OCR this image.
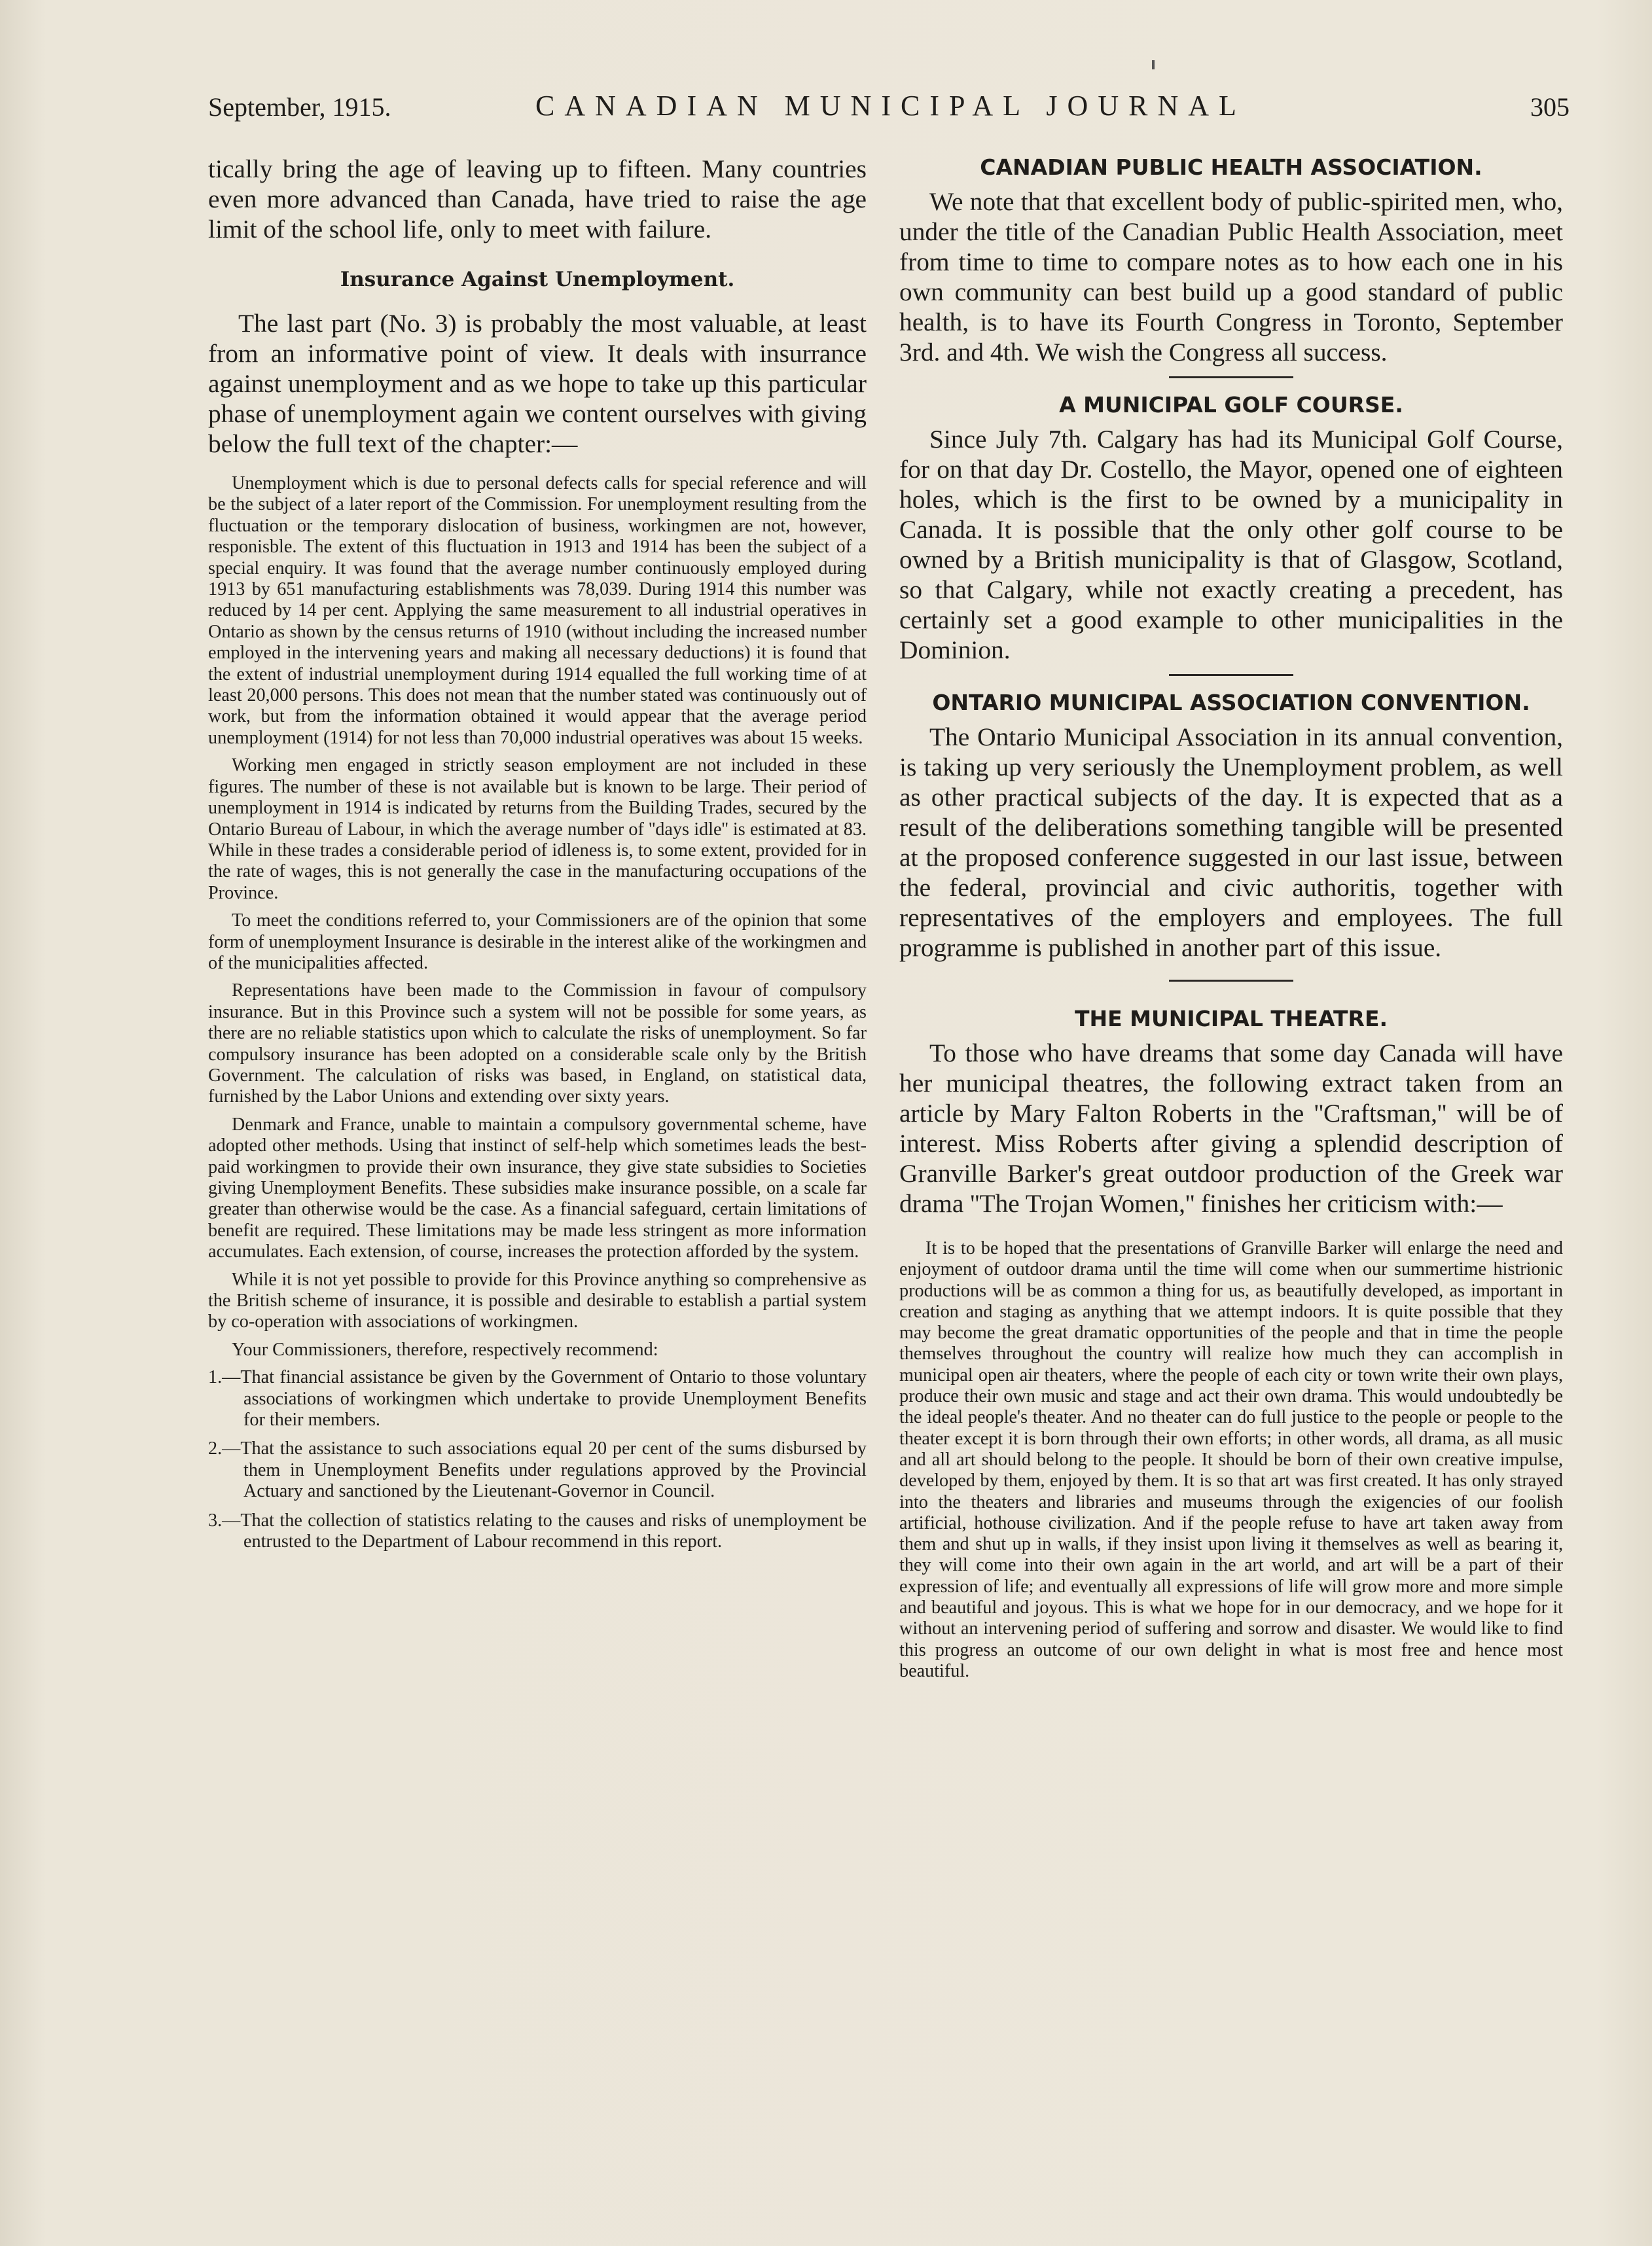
September, 1915.	CANADIAN MUNICIPAL JOURNAL	305

tically bring the age of leaving up to fifteen. Many countries even more advanced than Canada, have tried to raise the age limit of the school life, only to meet with failure.

Insurance Against Unemployment.

The last part (No. 3) is probably the most valuable, at least from an informative point of view. It deals with insurrance against unemployment and as we hope to take up this particular phase of unemployment again we content ourselves with giving below the full text of the chapter:—

Unemployment which is due to personal defects calls for special reference and will be the subject of a later report of the Commission. For unemployment resulting from the fluctuation or the temporary dislocation of business, workingmen are not, however, responisble. The extent of this fluctuation in 1913 and 1914 has been the subject of a special enquiry. It was found that the average number continuously employed during 1913 by 651 manufacturing establishments was 78,039. During 1914 this number was reduced by 14 per cent. Applying the same measurement to all industrial operatives in Ontario as shown by the census returns of 1910 (without including the increased number employed in the intervening years and making all necessary deductions) it is found that the extent of industrial unemployment during 1914 equalled the full working time of at least 20,000 persons. This does not mean that the number stated was continuously out of work, but from the information obtained it would appear that the average period unemployment (1914) for not less than 70,000 industrial operatives was about 15 weeks.

Working men engaged in strictly season employment are not included in these figures. The number of these is not available but is known to be large. Their period of unemployment in 1914 is indicated by returns from the Building Trades, secured by the Ontario Bureau of Labour, in which the average number of ''days idle'' is estimated at 83. While in these trades a considerable period of idleness is, to some extent, provided for in the rate of wages, this is not generally the case in the manufacturing occupations of the Province.

To meet the conditions referred to, your Commissioners are of the opinion that some form of unemployment Insurance is desirable in the interest alike of the workingmen and of the municipalities affected.

Representations have been made to the Commission in favour of compulsory insurance. But in this Province such a system will not be possible for some years, as there are no reliable statistics upon which to calculate the risks of unemployment. So far compulsory insurance has been adopted on a considerable scale only by the British Government. The calculation of risks was based, in England, on statistical data, furnished by the Labor Unions and extending over sixty years.

Denmark and France, unable to maintain a compulsory governmental scheme, have adopted other methods. Using that instinct of self-help which sometimes leads the best-paid workingmen to provide their own insurance, they give state subsidies to Societies giving Unemployment Benefits. These subsidies make insurance possible, on a scale far greater than otherwise would be the case. As a financial safeguard, certain limitations of benefit are required. These limitations may be made less stringent as more information accumulates. Each extension, of course, increases the protection afforded by the system.

While it is not yet possible to provide for this Province anything so comprehensive as the British scheme of insurance, it is possible and desirable to establish a partial system by co-operation with associations of workingmen.

Your Commissioners, therefore, respectively recommend:

1.—That financial assistance be given by the Government of Ontario to those voluntary associations of workingmen which undertake to provide Unemployment Benefits for their members.

2.—That the assistance to such associations equal 20 per cent of the sums disbursed by them in Unemployment Benefits under regulations approved by the Provincial Actuary and sanctioned by the Lieutenant-Governor in Council.

3.—That the collection of statistics relating to the causes and risks of unemployment be entrusted to the Department of Labour recommend in this report.

CANADIAN PUBLIC HEALTH ASSOCIATION.

We note that that excellent body of public-spirited men, who, under the title of the Canadian Public Health Association, meet from time to time to compare notes as to how each one in his own community can best build up a good standard of public health, is to have its Fourth Congress in Toronto, September 3rd. and 4th. We wish the Congress all success.

A MUNICIPAL GOLF COURSE.

Since July 7th. Calgary has had its Municipal Golf Course, for on that day Dr. Costello, the Mayor, opened one of eighteen holes, which is the first to be owned by a municipality in Canada. It is possible that the only other golf course to be owned by a British municipality is that of Glasgow, Scotland, so that Calgary, while not exactly creating a precedent, has certainly set a good example to other municipalities in the Dominion.

ONTARIO MUNICIPAL ASSOCIATION CONVENTION.

The Ontario Municipal Association in its annual convention, is taking up very seriously the Unemployment problem, as well as other practical subjects of the day. It is expected that as a result of the deliberations something tangible will be presented at the proposed conference suggested in our last issue, between the federal, provincial and civic authoritis, together with representatives of the employers and employees. The full programme is published in another part of this issue.

THE MUNICIPAL THEATRE.

To those who have dreams that some day Canada will have her municipal theatres, the following extract taken from an article by Mary Falton Roberts in the ''Craftsman,'' will be of interest. Miss Roberts after giving a splendid description of Granville Barker's great outdoor production of the Greek war drama ''The Trojan Women,'' finishes her criticism with:—

It is to be hoped that the presentations of Granville Barker will enlarge the need and enjoyment of outdoor drama until the time will come when our summertime histrionic productions will be as common a thing for us, as beautifully developed, as important in creation and staging as anything that we attempt indoors. It is quite possible that they may become the great dramatic opportunities of the people and that in time the people themselves throughout the country will realize how much they can accomplish in municipal open air theaters, where the people of each city or town write their own plays, produce their own music and stage and act their own drama. This would undoubtedly be the ideal people's theater. And no theater can do full justice to the people or people to the theater except it is born through their own efforts; in other words, all drama, as all music and all art should belong to the people. It should be born of their own creative impulse, developed by them, enjoyed by them. It is so that art was first created. It has only strayed into the theaters and libraries and museums through the exigencies of our foolish artificial, hothouse civilization. And if the people refuse to have art taken away from them and shut up in walls, if they insist upon living it themselves as well as bearing it, they will come into their own again in the art world, and art will be a part of their expression of life; and eventually all expressions of life will grow more and more simple and beautiful and joyous. This is what we hope for in our democracy, and we hope for it without an intervening period of suffering and sorrow and disaster. We would like to find this progress an outcome of our own delight in what is most free and hence most beautiful.
